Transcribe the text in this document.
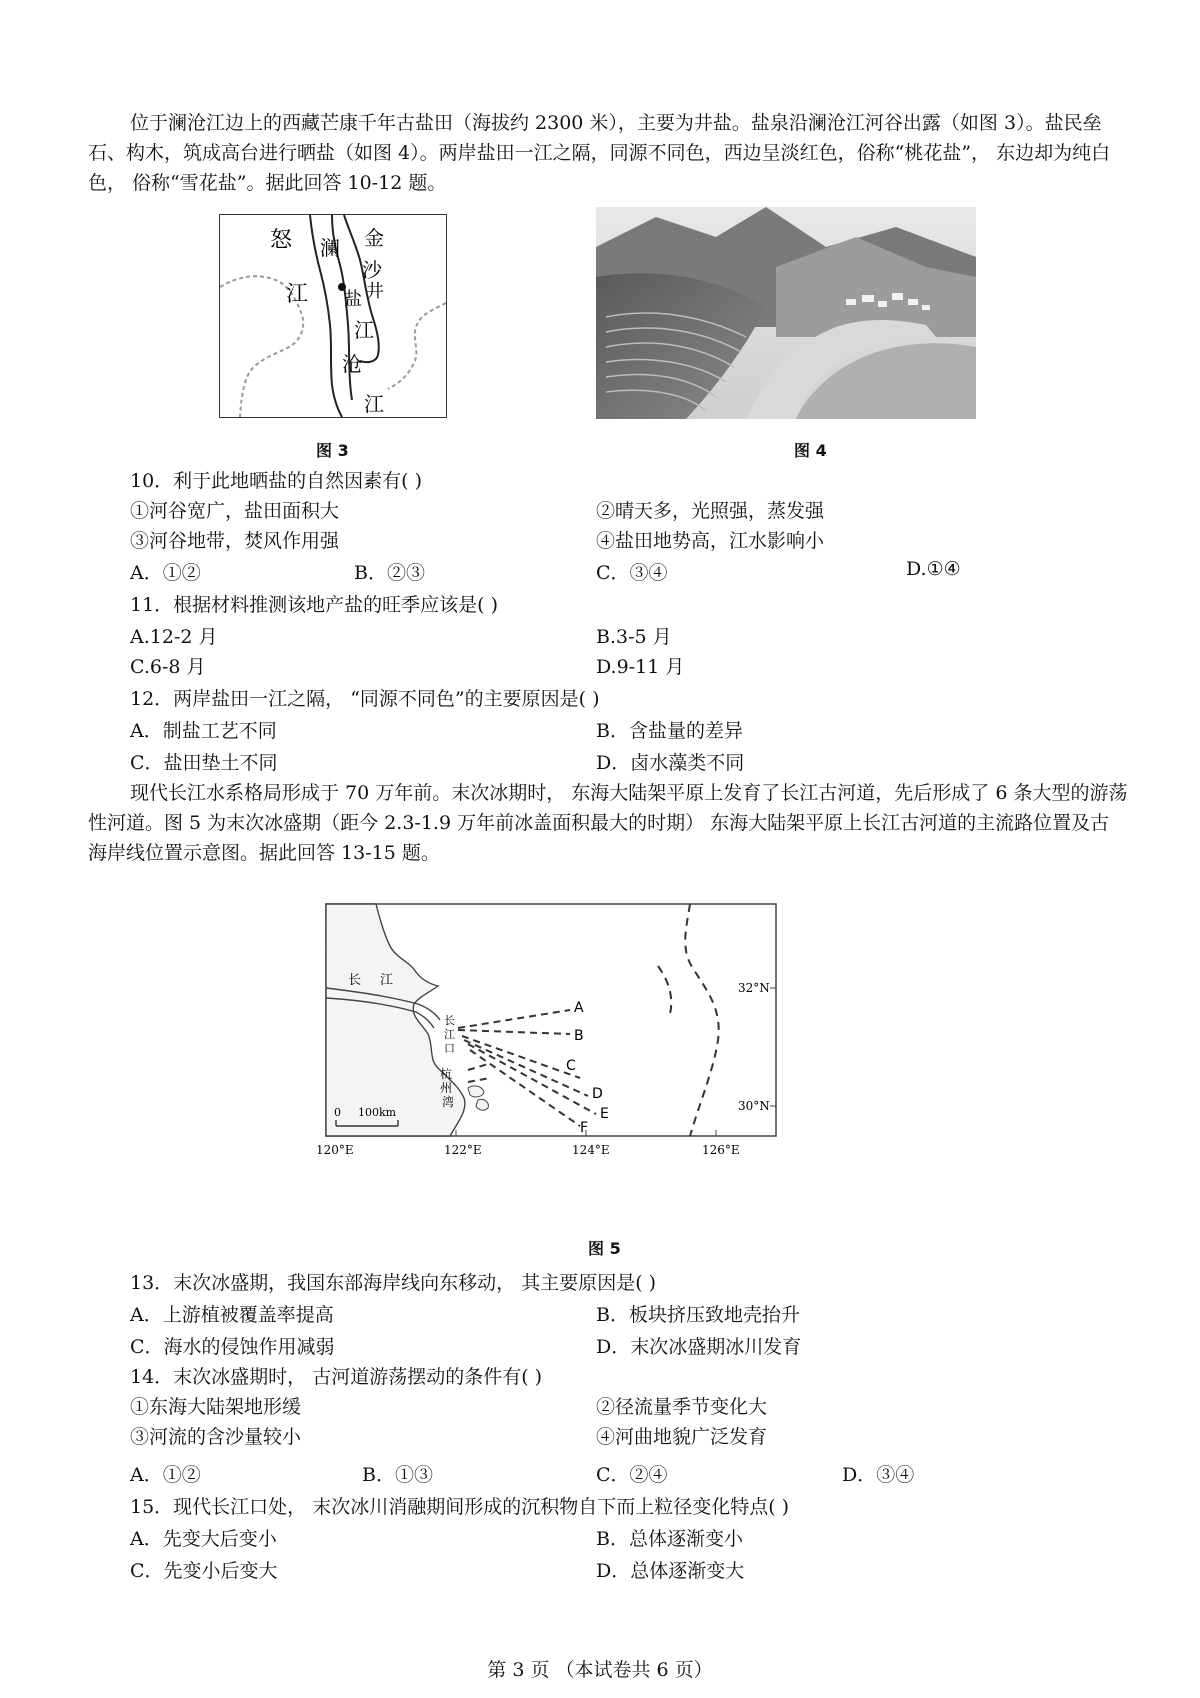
位于澜沧江边上的西藏芒康千年古盐田（海拔约 2300 米），主要为井盐。盐泉沿澜沧江河谷出露（如图 3）。盐民垒石、构木，筑成高台进行晒盐（如图 4）。两岸盐田一江之隔，同源不同色，西边呈淡红色，俗称“桃花盐”， 东边却为纯白色， 俗称“雪花盐”。据此回答 10-12 题。
怒
江
澜 金
沙
盐 井
江
沧
江
图 3	图 4
10．利于此地晒盐的自然因素有( )
①河谷宽广，盐田面积大	②晴天多，光照强，蒸发强
③河谷地带，焚风作用强	④盐田地势高，江水影响小
A．①②	B．②③	C．③④	D.①④
11．根据材料推测该地产盐的旺季应该是( )
A.12-2 月	B.3-5 月
C.6-8 月	D.9-11 月
12．两岸盐田一江之隔， “同源不同色”的主要原因是( )
A．制盐工艺不同	B．含盐量的差异
C．盐田垫土不同	D．卤水藻类不同
现代长江水系格局形成于 70 万年前。末次冰期时， 东海大陆架平原上发育了长江古河道，先后形成了 6 条大型的游荡性河道。图 5 为末次冰盛期（距今 2.3-1.9 万年前冰盖面积最大的时期） 东海大陆架平原上长江古河道的主流路位置及古海岸线位置示意图。据此回答 13-15 题。
A
B
C
D
E
F
长 江
长
江
口
杭
州
湾
0 100km
32°N
30°N
120°E	122°E	124°E	126°E
图 5
13．末次冰盛期，我国东部海岸线向东移动， 其主要原因是( )
A．上游植被覆盖率提高	B．板块挤压致地壳抬升
C．海水的侵蚀作用减弱	D．末次冰盛期冰川发育
14．末次冰盛期时， 古河道游荡摆动的条件有( )
①东海大陆架地形缓	②径流量季节变化大
③河流的含沙量较小	④河曲地貌广泛发育
A．①②	B．①③	C．②④	D．③④
15．现代长江口处， 末次冰川消融期间形成的沉积物自下而上粒径变化特点( )
A．先变大后变小	B．总体逐渐变小
C．先变小后变大	D．总体逐渐变大
第 3 页 （本试卷共 6 页）
